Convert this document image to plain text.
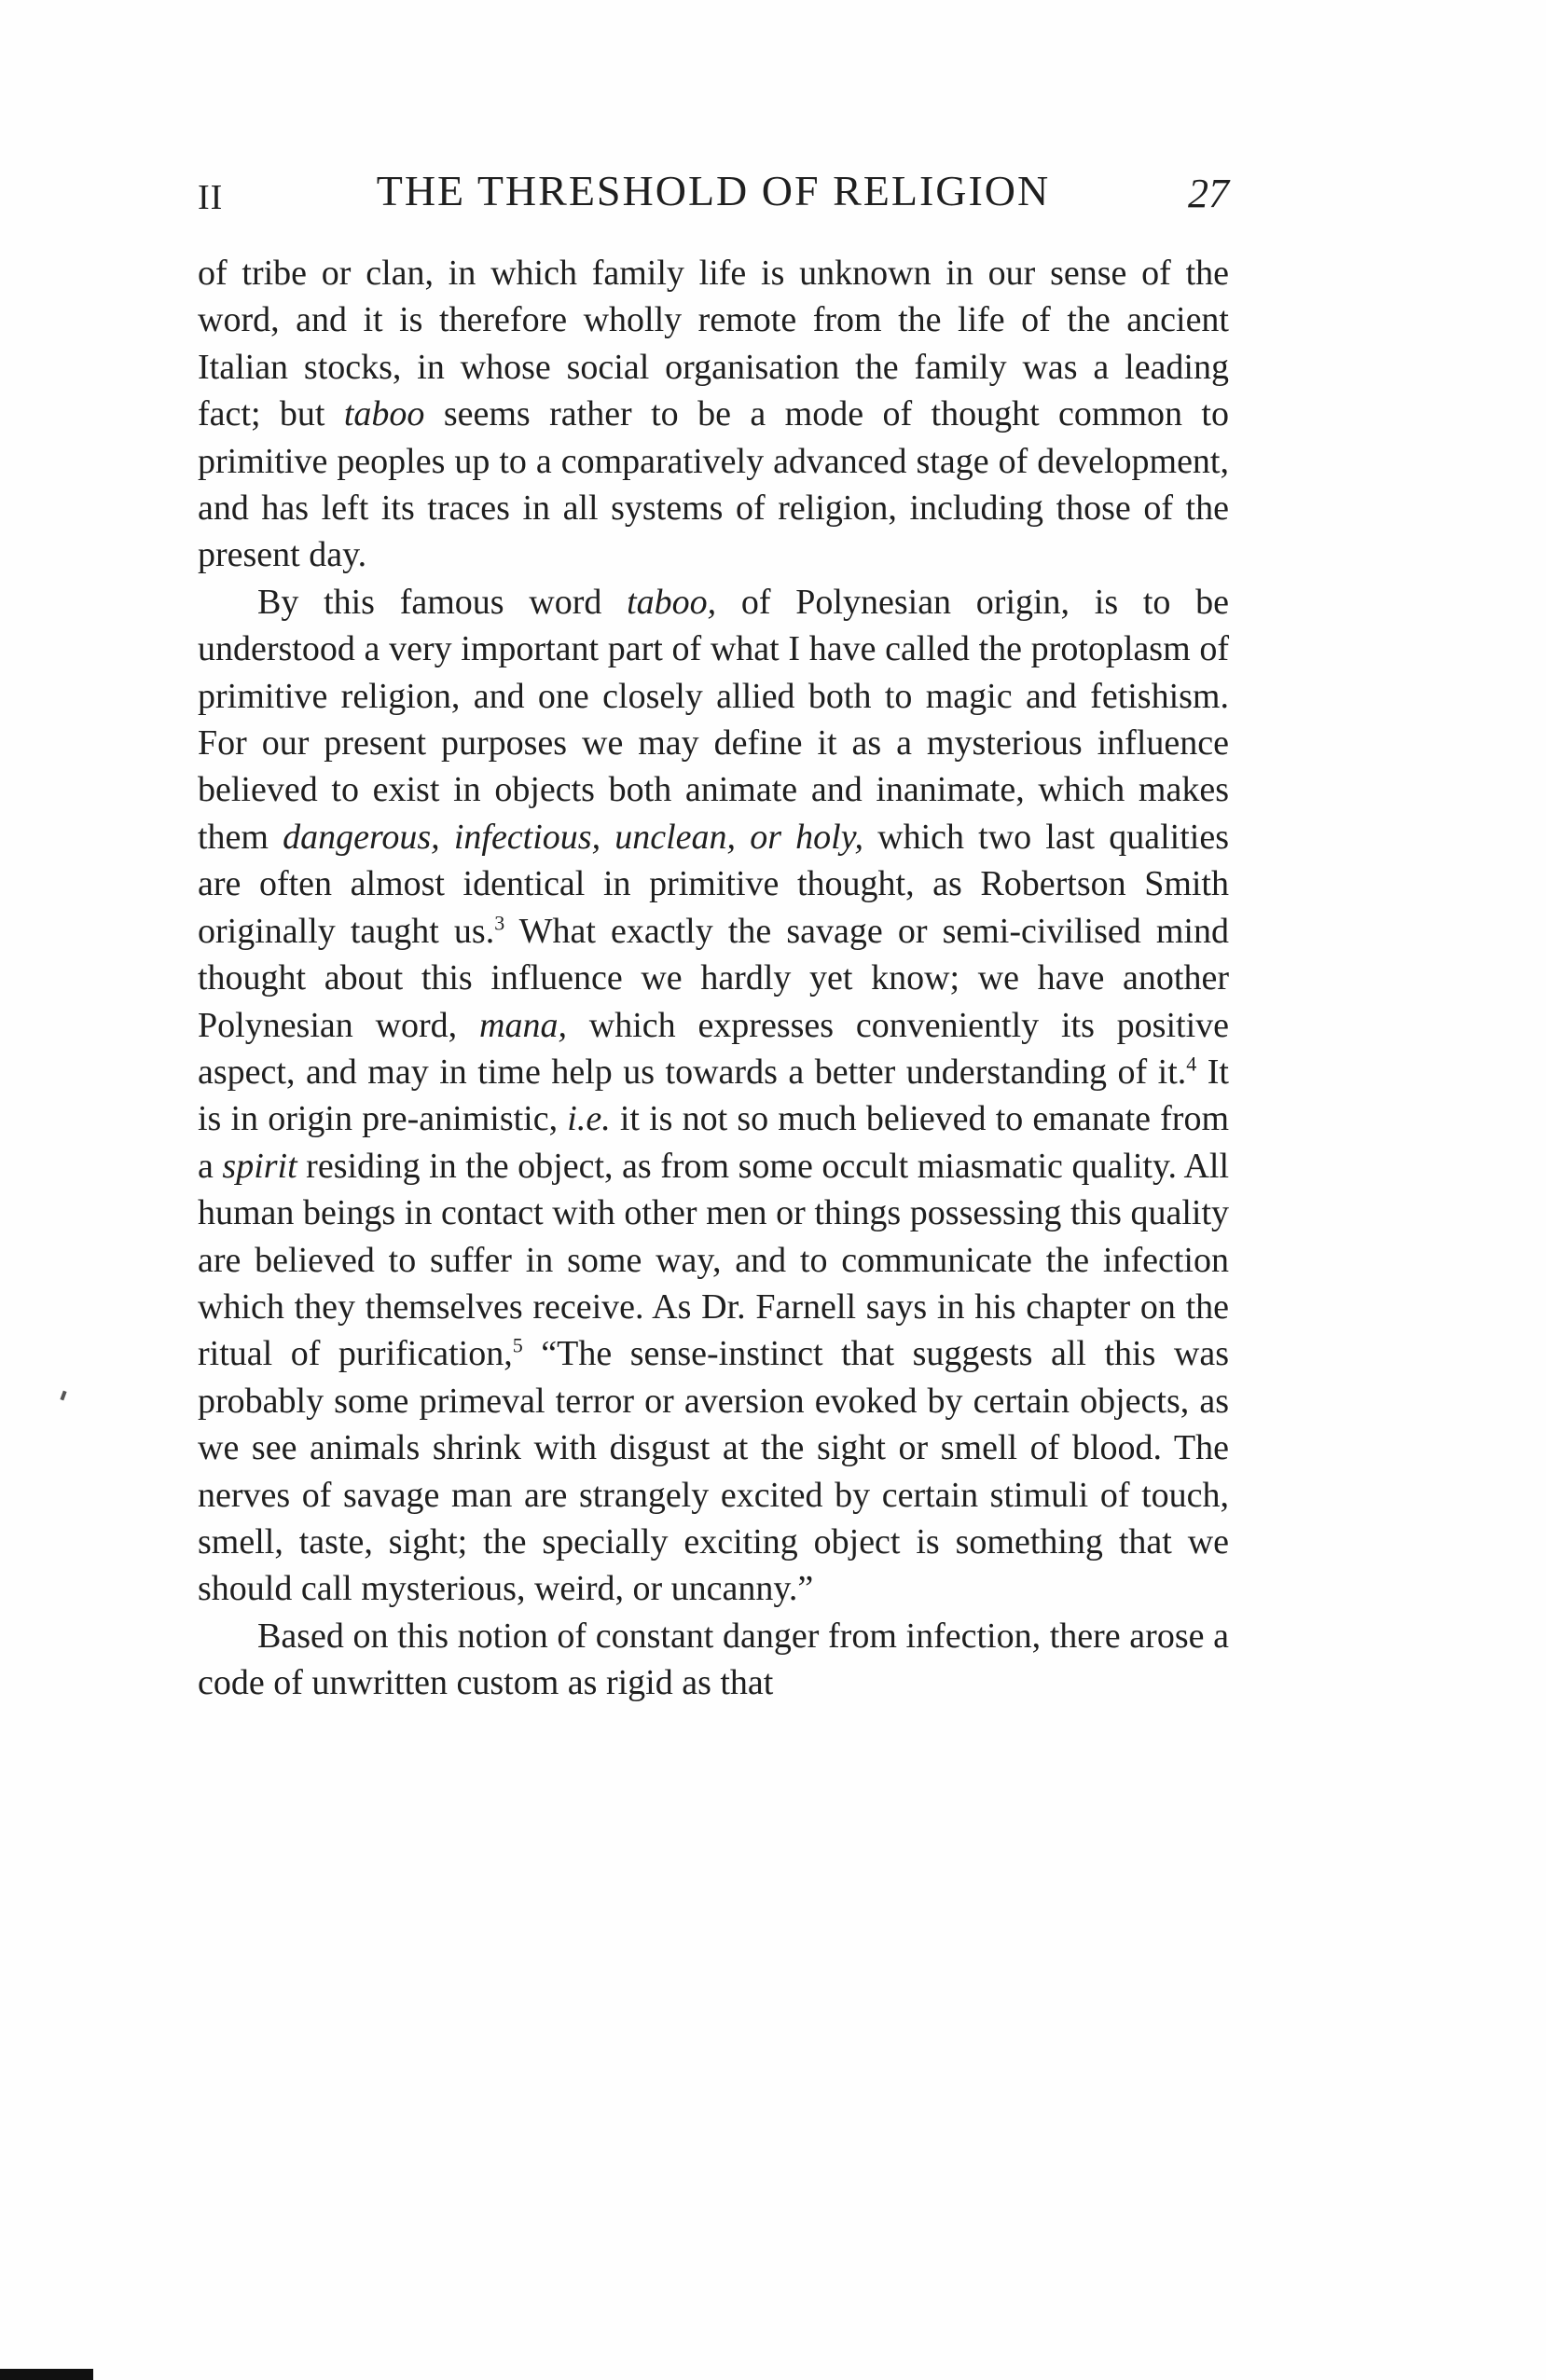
II	THE THRESHOLD OF RELIGION	27

of tribe or clan, in which family life is unknown in our sense of the word, and it is therefore wholly remote from the life of the ancient Italian stocks, in whose social organisation the family was a leading fact; but taboo seems rather to be a mode of thought common to primitive peoples up to a comparatively advanced stage of development, and has left its traces in all systems of religion, including those of the present day.

By this famous word taboo, of Polynesian origin, is to be understood a very important part of what I have called the protoplasm of primitive religion, and one closely allied both to magic and fetishism. For our present purposes we may define it as a mysterious influence believed to exist in objects both animate and inanimate, which makes them dangerous, infectious, unclean, or holy, which two last qualities are often almost identical in primitive thought, as Robertson Smith originally taught us.$^3$ What exactly the savage or semi-civilised mind thought about this influence we hardly yet know; we have another Polynesian word, mana, which expresses conveniently its positive aspect, and may in time help us towards a better understanding of it.$^4$ It is in origin pre-animistic, i.e. it is not so much believed to emanate from a spirit residing in the object, as from some occult miasmatic quality. All human beings in contact with other men or things possessing this quality are believed to suffer in some way, and to communicate the infection which they themselves receive. As Dr. Farnell says in his chapter on the ritual of purification,$^5$ “The sense-instinct that suggests all this was probably some primeval terror or aversion evoked by certain objects, as we see animals shrink with disgust at the sight or smell of blood. The nerves of savage man are strangely excited by certain stimuli of touch, smell, taste, sight; the specially exciting object is something that we should call mysterious, weird, or uncanny.”

Based on this notion of constant danger from infection, there arose a code of unwritten custom as rigid as that
